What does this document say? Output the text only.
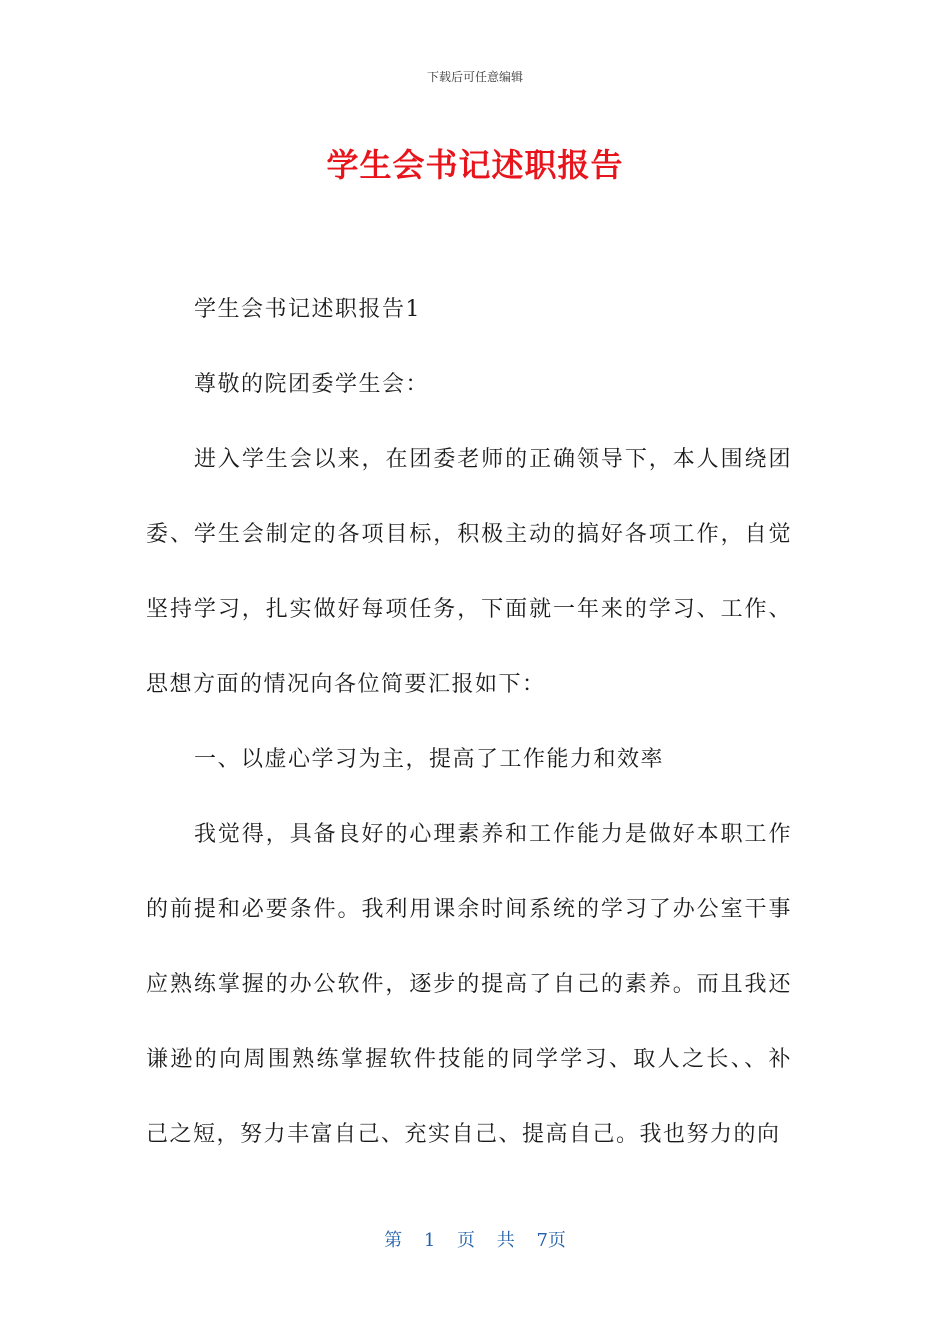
下载后可任意编辑
学生会书记述职报告

学生会书记述职报告1

尊敬的院团委学生会：

进入学生会以来，在团委老师的正确领导下，本人围绕团委、学生会制定的各项目标，积极主动的搞好各项工作，自觉坚持学习，扎实做好每项任务，下面就一年来的学习、工作、思想方面的情况向各位简要汇报如下：

一、以虚心学习为主，提高了工作能力和效率

我觉得，具备良好的心理素养和工作能力是做好本职工作的前提和必要条件。我利用课余时间系统的学习了办公室干事应熟练掌握的办公软件，逐步的提高了自己的素养。而且我还谦逊的向周围熟练掌握软件技能的同学学习、取人之长、、补己之短，努力丰富自己、充实自己、提高自己。我也努力的向

第 1 页 共 7页
